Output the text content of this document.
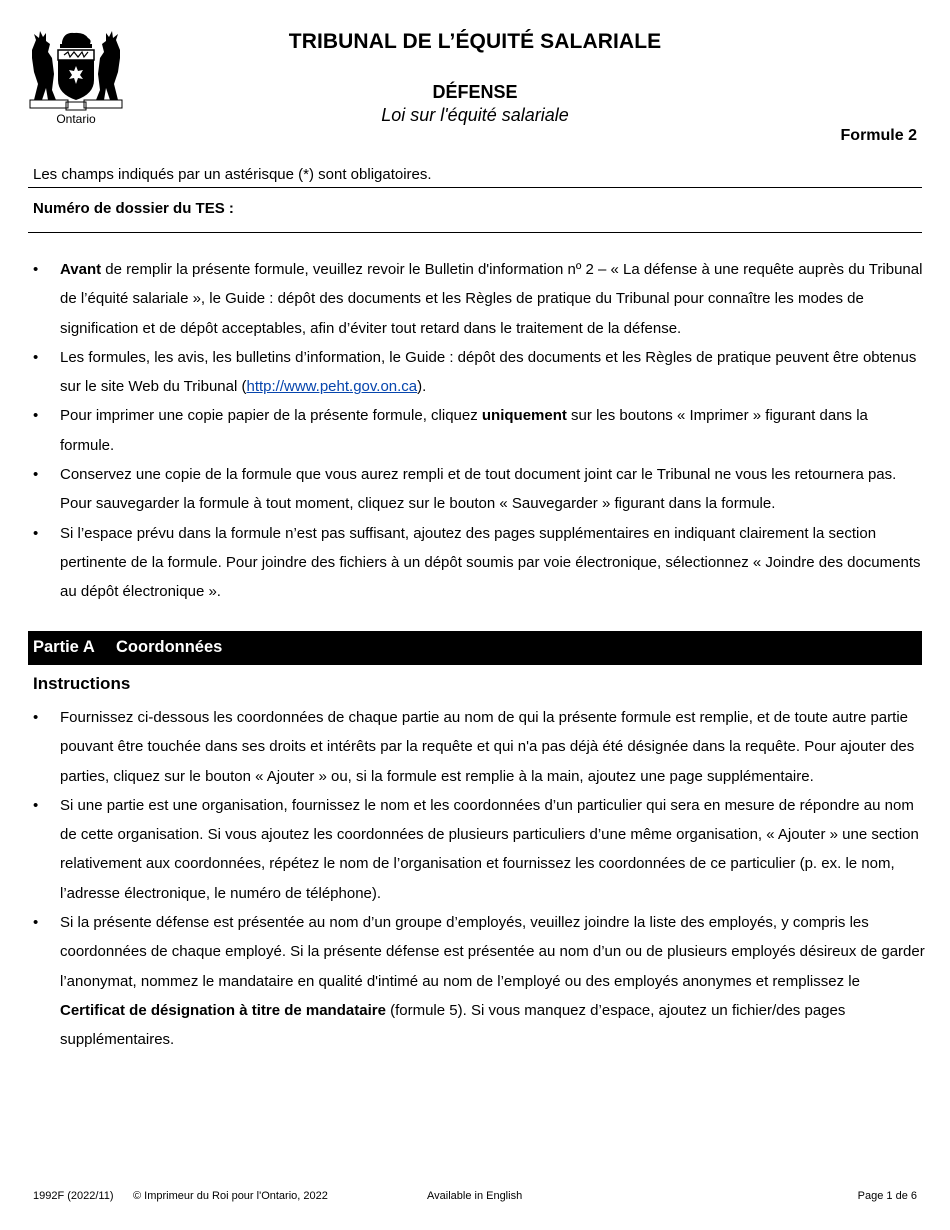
Ontario
TRIBUNAL DE L’ÉQUITÉ SALARIALE
DÉFENSE
Loi sur l'équité salariale
Formule 2
Les champs indiqués par un astérisque (*) sont obligatoires.
Numéro de dossier du TES :
• Avant de remplir la présente formule, veuillez revoir le Bulletin d'information nº 2 – « La défense à une requête auprès du Tribunal de l’équité salariale », le Guide : dépôt des documents et les Règles de pratique du Tribunal pour connaître les modes de signification et de dépôt acceptables, afin d’éviter tout retard dans le traitement de la défense.
• Les formules, les avis, les bulletins d’information, le Guide : dépôt des documents et les Règles de pratique peuvent être obtenus sur le site Web du Tribunal (http://www.peht.gov.on.ca).
• Pour imprimer une copie papier de la présente formule, cliquez uniquement sur les boutons « Imprimer » figurant dans la formule.
• Conservez une copie de la formule que vous aurez rempli et de tout document joint car le Tribunal ne vous les retournera pas. Pour sauvegarder la formule à tout moment, cliquez sur le bouton « Sauvegarder » figurant dans la formule.
• Si l’espace prévu dans la formule n’est pas suffisant, ajoutez des pages supplémentaires en indiquant clairement la section pertinente de la formule. Pour joindre des fichiers à un dépôt soumis par voie électronique, sélectionnez « Joindre des documents au dépôt électronique ».
Partie A Coordonnées
Instructions
• Fournissez ci-dessous les coordonnées de chaque partie au nom de qui la présente formule est remplie, et de toute autre partie pouvant être touchée dans ses droits et intérêts par la requête et qui n'a pas déjà été désignée dans la requête. Pour ajouter des parties, cliquez sur le bouton « Ajouter » ou, si la formule est remplie à la main, ajoutez une page supplémentaire.
• Si une partie est une organisation, fournissez le nom et les coordonnées d’un particulier qui sera en mesure de répondre au nom de cette organisation. Si vous ajoutez les coordonnées de plusieurs particuliers d’une même organisation, « Ajouter » une section relativement aux coordonnées, répétez le nom de l’organisation et fournissez les coordonnées de ce particulier (p. ex. le nom, l’adresse électronique, le numéro de téléphone).
• Si la présente défense est présentée au nom d’un groupe d’employés, veuillez joindre la liste des employés, y compris les coordonnées de chaque employé. Si la présente défense est présentée au nom d’un ou de plusieurs employés désireux de garder l’anonymat, nommez le mandataire en qualité d'intimé au nom de l’employé ou des employés anonymes et remplissez le Certificat de désignation à titre de mandataire (formule 5). Si vous manquez d’espace, ajoutez un fichier/des pages supplémentaires.
1992F (2022/11) © Imprimeur du Roi pour l'Ontario, 2022	Available in English	Page 1 de 6
